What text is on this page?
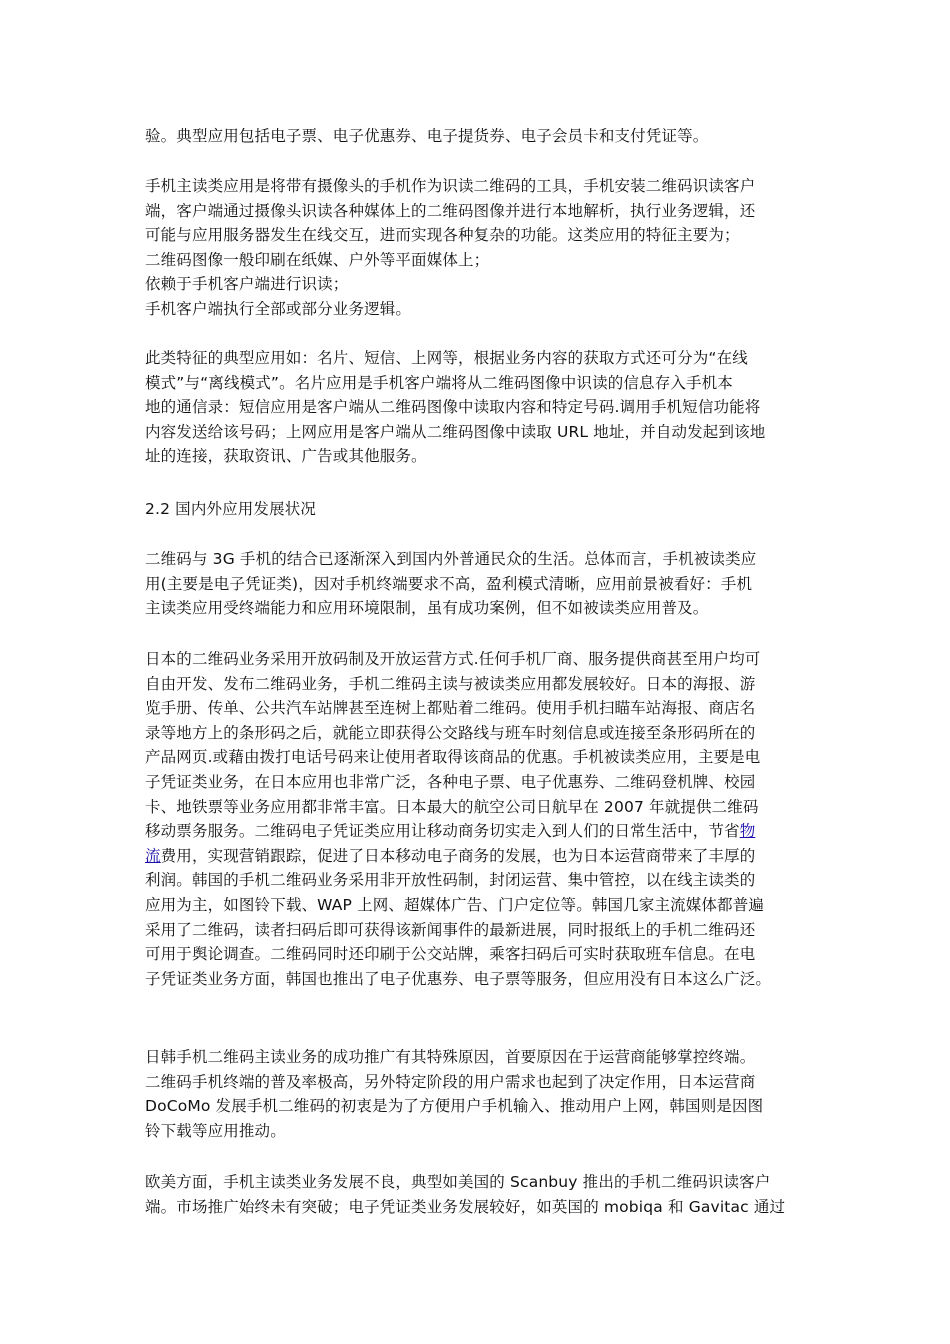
验。典型应用包括电子票、电子优惠券、电子提货券、电子会员卡和支付凭证等。
手机主读类应用是将带有摄像头的手机作为识读二维码的工具，手机安装二维码识读客户
端，客户端通过摄像头识读各种媒体上的二维码图像并进行本地解析，执行业务逻辑，还
可能与应用服务器发生在线交互，进而实现各种复杂的功能。这类应用的特征主要为；
二维码图像一般印刷在纸媒、户外等平面媒体上；
依赖于手机客户端进行识读；
手机客户端执行全部或部分业务逻辑。
此类特征的典型应用如：名片、短信、上网等，根据业务内容的获取方式还可分为“在线
模式”与“离线模式”。名片应用是手机客户端将从二维码图像中识读的信息存入手机本
地的通信录：短信应用是客户端从二维码图像中读取内容和特定号码.调用手机短信功能将
内容发送给该号码；上网应用是客户端从二维码图像中读取 URL 地址，并自动发起到该地
址的连接，获取资讯、广告或其他服务。
2.2 国内外应用发展状况
二维码与 3G 手机的结合已逐渐深入到国内外普通民众的生活。总体而言，手机被读类应
用(主要是电子凭证类)，因对手机终端要求不高，盈利模式清晰，应用前景被看好：手机
主读类应用受终端能力和应用环境限制，虽有成功案例，但不如被读类应用普及。
日本的二维码业务采用开放码制及开放运营方式.任何手机厂商、服务提供商甚至用户均可
自由开发、发布二维码业务，手机二维码主读与被读类应用都发展较好。日本的海报、游
览手册、传单、公共汽车站牌甚至连树上都贴着二维码。使用手机扫瞄车站海报、商店名
录等地方上的条形码之后，就能立即获得公交路线与班车时刻信息或连接至条形码所在的
产品网页.或藉由拨打电话号码来让使用者取得该商品的优惠。手机被读类应用，主要是电
子凭证类业务，在日本应用也非常广泛，各种电子票、电子优惠券、二维码登机牌、校园
卡、地铁票等业务应用都非常丰富。日本最大的航空公司日航早在 2007 年就提供二维码
移动票务服务。二维码电子凭证类应用让移动商务切实走入到人们的日常生活中，节省物
流费用，实现营销跟踪，促进了日本移动电子商务的发展，也为日本运营商带来了丰厚的
利润。韩国的手机二维码业务采用非开放性码制，封闭运营、集中管控，以在线主读类的
应用为主，如图铃下载、WAP 上网、超媒体广告、门户定位等。韩国几家主流媒体都普遍
采用了二维码，读者扫码后即可获得该新闻事件的最新进展，同时报纸上的手机二维码还
可用于舆论调查。二维码同时还印刷于公交站牌，乘客扫码后可实时获取班车信息。在电
子凭证类业务方面，韩国也推出了电子优惠券、电子票等服务，但应用没有日本这么广泛。
日韩手机二维码主读业务的成功推广有其特殊原因，首要原因在于运营商能够掌控终端。
二维码手机终端的普及率极高，另外特定阶段的用户需求也起到了决定作用，日本运营商
DoCoMo 发展手机二维码的初衷是为了方便用户手机输入、推动用户上网，韩国则是因图
铃下载等应用推动。
欧美方面，手机主读类业务发展不良，典型如美国的 Scanbuy 推出的手机二维码识读客户
端。市场推广始终未有突破；电子凭证类业务发展较好，如英国的 mobiqa 和 Gavitac 通过
